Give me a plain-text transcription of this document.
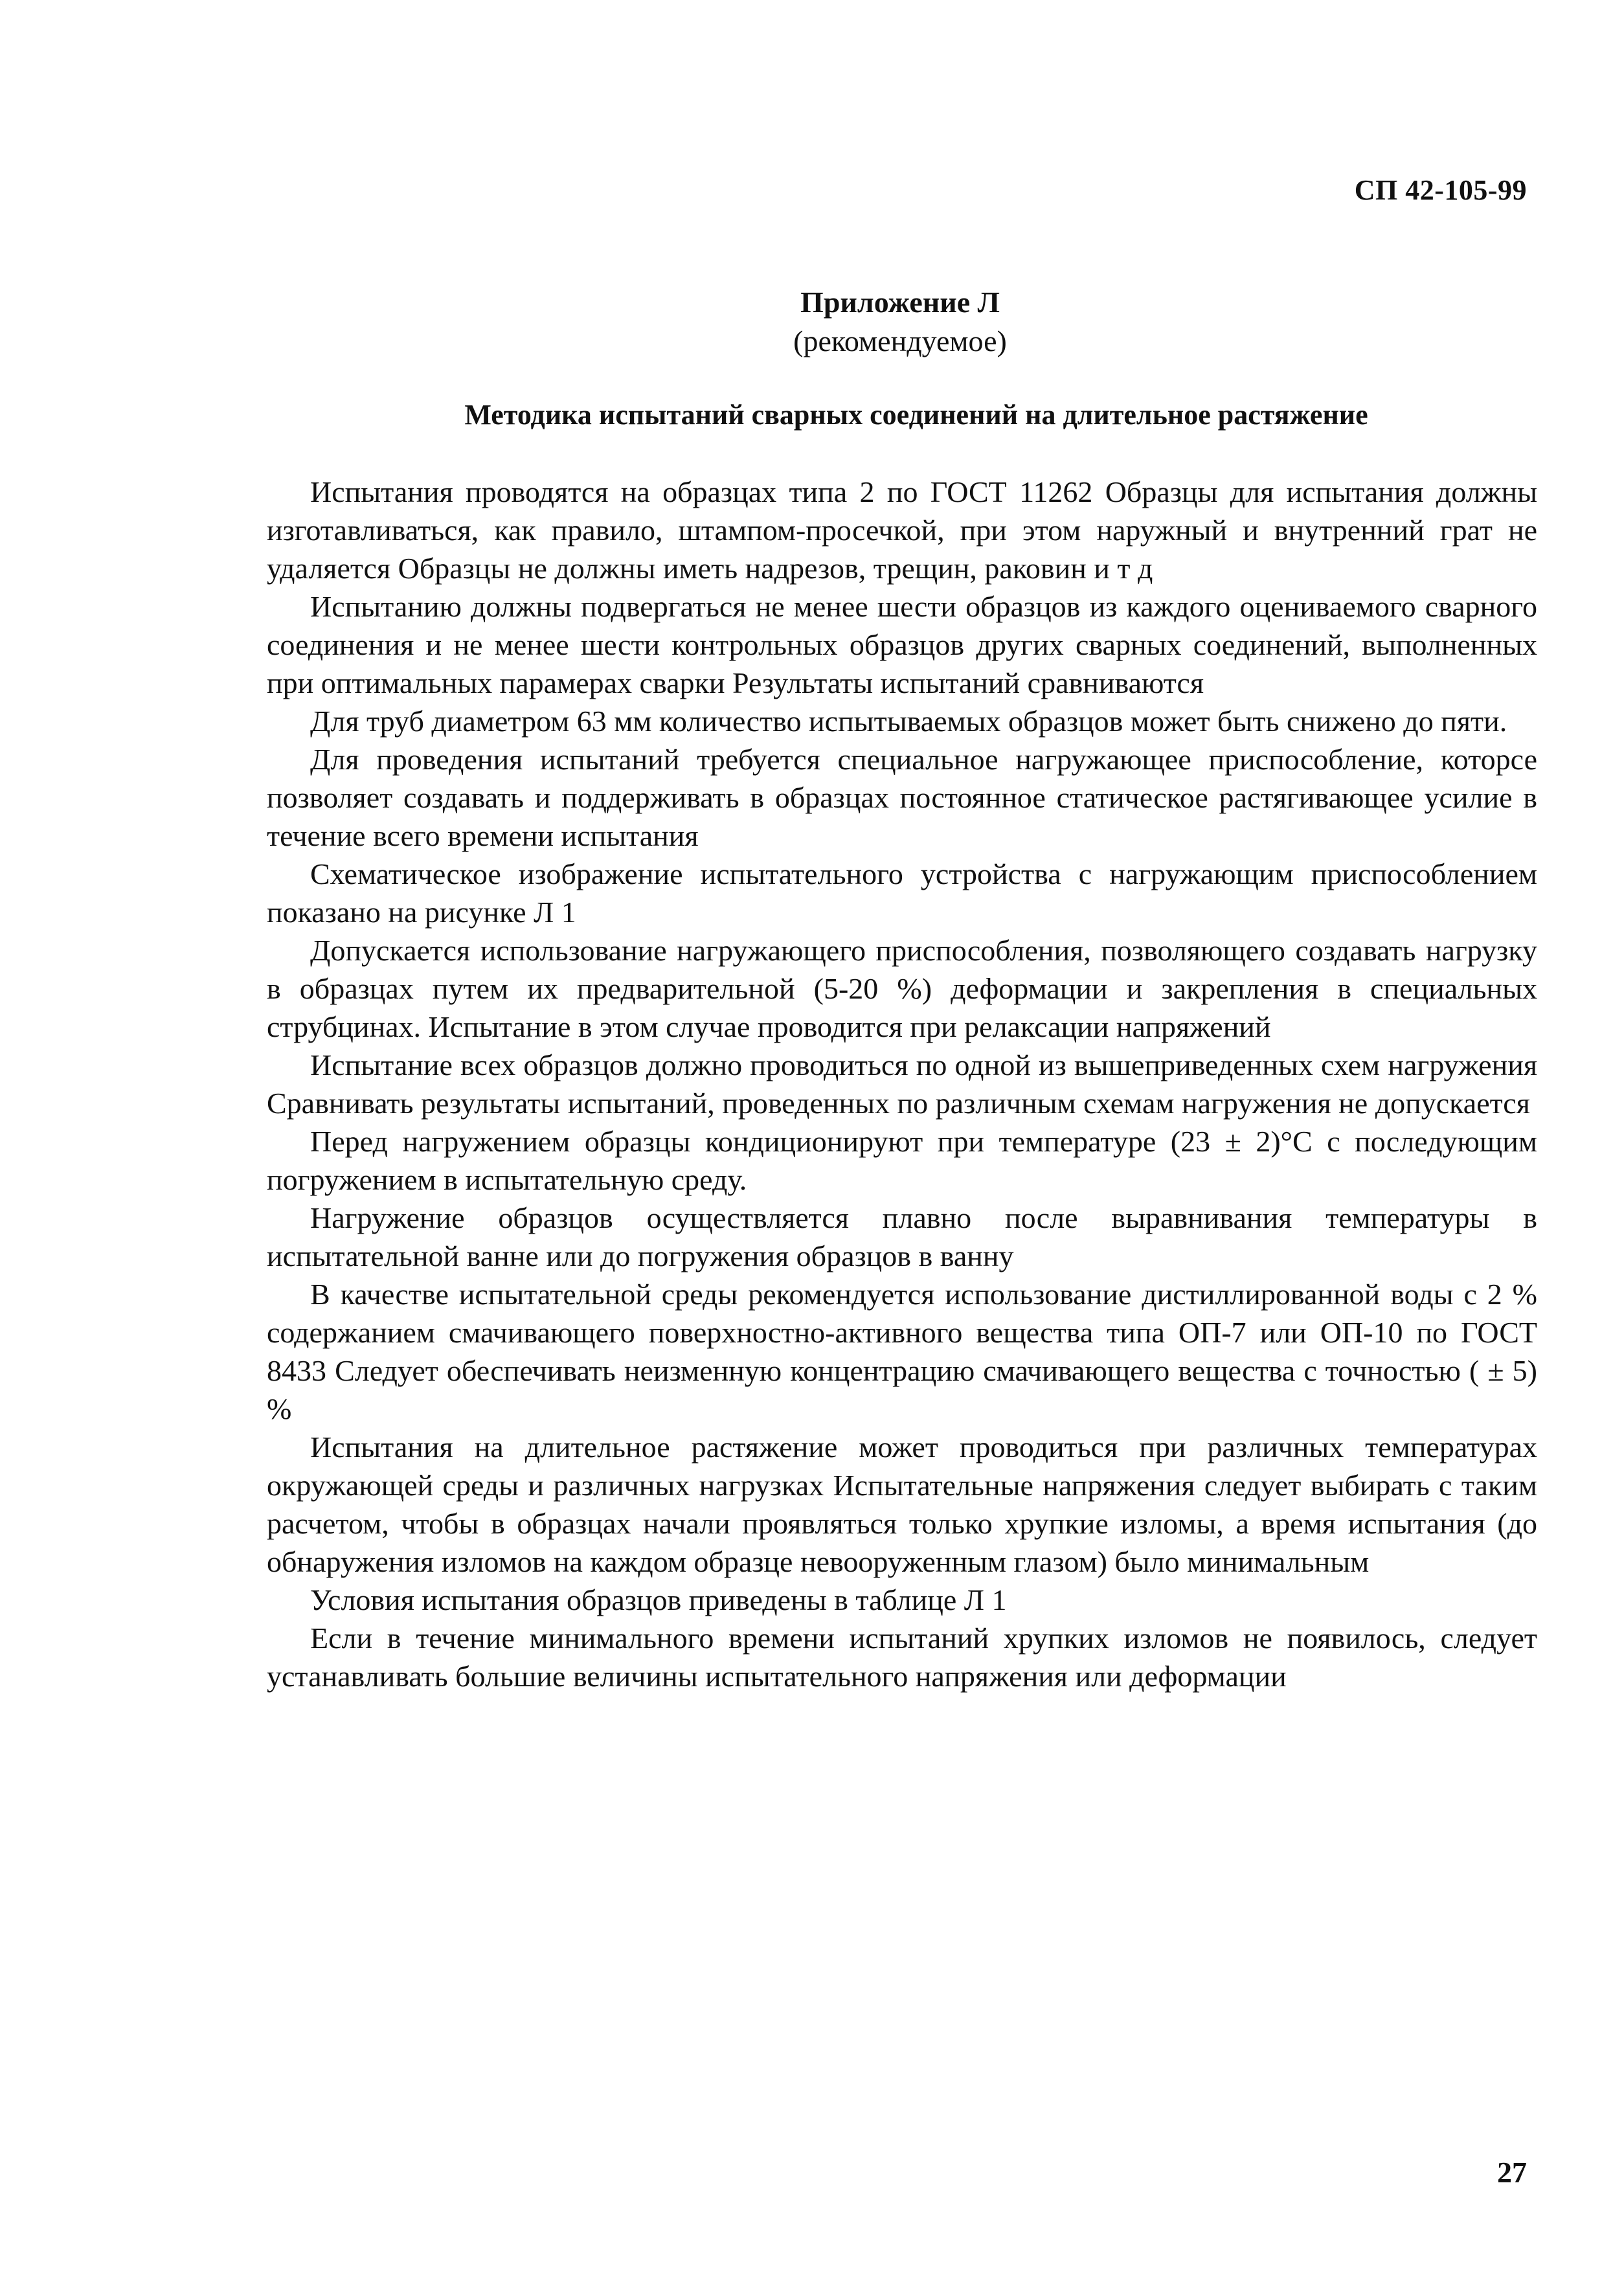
СП 42-105-99
Приложение Л
(рекомендуемое)
Методика испытаний сварных соединений на длительное растяжение

Испытания проводятся на образцах типа 2 по ГОСТ 11262 Образцы для испытания должны изготавливаться, как правило, штампом-просечкой, при этом наружный и внутренний грат не удаляется Образцы не должны иметь надрезов, трещин, раковин и т д

Испытанию должны подвергаться не менее шести образцов из каждого оцениваемого сварного соединения и не менее шести контрольных образцов других сварных соединений, выполненных при оптимальных парамерах сварки Результаты испытаний сравниваются

Для труб диаметром 63 мм количество испытываемых образцов может быть снижено до пяти.

Для проведения испытаний требуется специальное нагружающее приспособление, которсе позволяет создавать и поддерживать в образцах постоянное статическое растягивающее усилие в течение всего времени испытания

Схематическое изображение испытательного устройства с нагружающим приспособлением показано на рисунке Л 1

Допускается использование нагружающего приспособления, позволяющего создавать нагрузку в образцах путем их предварительной (5-20 %) деформации и закрепления в специальных струбцинах. Испытание в этом случае проводится при релаксации напряжений

Испытание всех образцов должно проводиться по одной из вышеприведенных схем нагружения Сравнивать результаты испытаний, проведенных по различным схемам нагружения не допускается

Перед нагружением образцы кондиционируют при температуре (23 ± 2)°С с последующим погружением в испытательную среду.

Нагружение образцов осуществляется плавно после выравнивания температуры в испытательной ванне или до погружения образцов в ванну

В качестве испытательной среды рекомендуется использование дистиллированной воды с 2 % содержанием смачивающего поверхностно-активного вещества типа ОП-7 или ОП-10 по ГОСТ 8433 Следует обеспечивать неизменную концентрацию смачивающего вещества с точностью ( ± 5) %

Испытания на длительное растяжение может проводиться при различных температурах окружающей среды и различных нагрузках Испытательные напряжения следует выбирать с таким расчетом, чтобы в образцах начали проявляться только хрупкие изломы, а время испытания (до обнаружения изломов на каждом образце невооруженным глазом) было минимальным

Условия испытания образцов приведены в таблице Л 1

Если в течение минимального времени испытаний хрупких изломов не появилось, следует устанавливать большие величины испытательного напряжения или деформации

27
